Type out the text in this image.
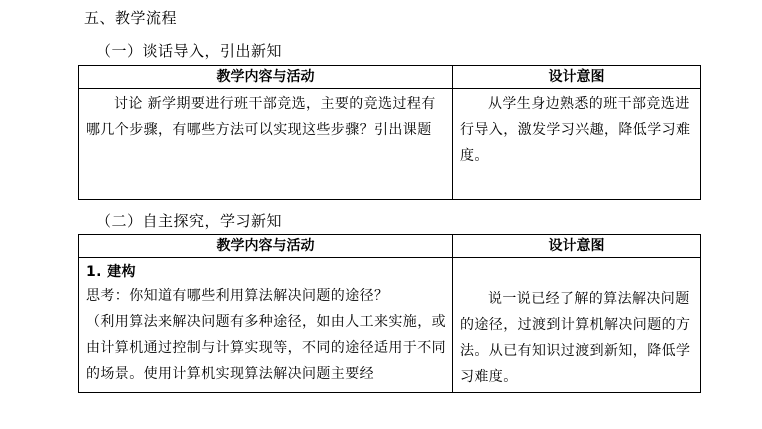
五、教学流程
（一）谈话导入，引出新知
教学内容与活动	设计意图

讨论 新学期要进行班干部竞选，主要的竞选过程有哪几个步骤，有哪些方法可以实现这些步骤？引出课题	从学生身边熟悉的班干部竞选进行导入，激发学习兴趣，降低学习难度。
（二）自主探究，学习新知
教学内容与活动	设计意图

1. 建构
思考：你知道有哪些利用算法解决问题的途径？
（利用算法来解决问题有多种途径，如由人工来实施，或由计算机通过控制与计算实现等，不同的途径适用于不同的场景。使用计算机实现算法解决问题主要经	说一说已经了解的算法解决问题的途径，过渡到计算机解决问题的方法。从已有知识过渡到新知，降低学习难度。
